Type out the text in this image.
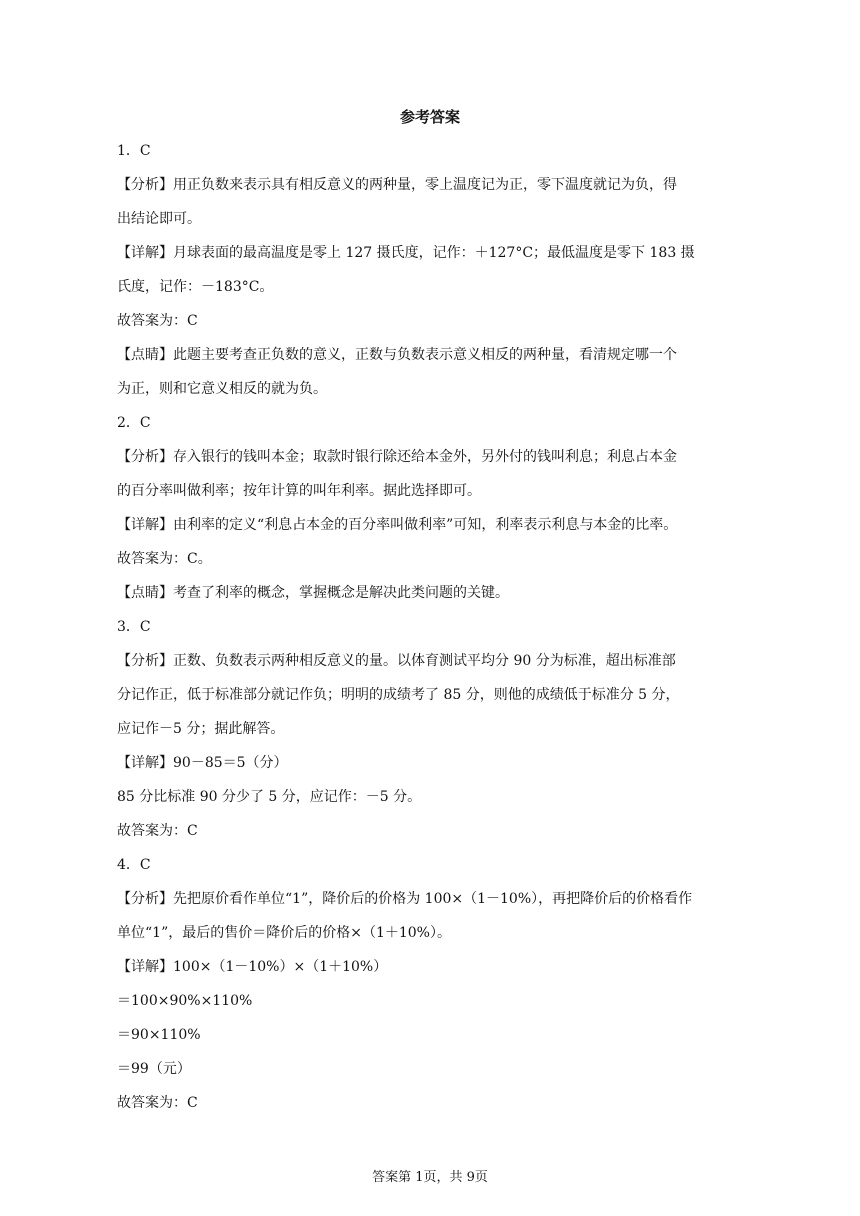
参考答案
1．C
【分析】用正负数来表示具有相反意义的两种量，零上温度记为正，零下温度就记为负，得
出结论即可。
【详解】月球表面的最高温度是零上 127 摄氏度，记作：＋127°C；最低温度是零下 183 摄
氏度，记作：－183°C。
故答案为：C
【点睛】此题主要考查正负数的意义，正数与负数表示意义相反的两种量，看清规定哪一个
为正，则和它意义相反的就为负。
2．C
【分析】存入银行的钱叫本金；取款时银行除还给本金外，另外付的钱叫利息；利息占本金
的百分率叫做利率；按年计算的叫年利率。据此选择即可。
【详解】由利率的定义“利息占本金的百分率叫做利率”可知，利率表示利息与本金的比率。
故答案为：C。
【点睛】考查了利率的概念，掌握概念是解决此类问题的关键。
3．C
【分析】正数、负数表示两种相反意义的量。以体育测试平均分 90 分为标准，超出标准部
分记作正，低于标准部分就记作负；明明的成绩考了 85 分，则他的成绩低于标准分 5 分，
应记作－5 分；据此解答。
【详解】90－85＝5（分）
85 分比标准 90 分少了 5 分，应记作：－5 分。
故答案为：C
4．C
【分析】先把原价看作单位“1”，降价后的价格为 100×（1－10%），再把降价后的价格看作
单位“1”，最后的售价＝降价后的价格×（1＋10%）。
【详解】100×（1－10%）×（1＋10%）
＝100×90%×110%
＝90×110%
＝99（元）
故答案为：C
答案第 1页，共 9页
